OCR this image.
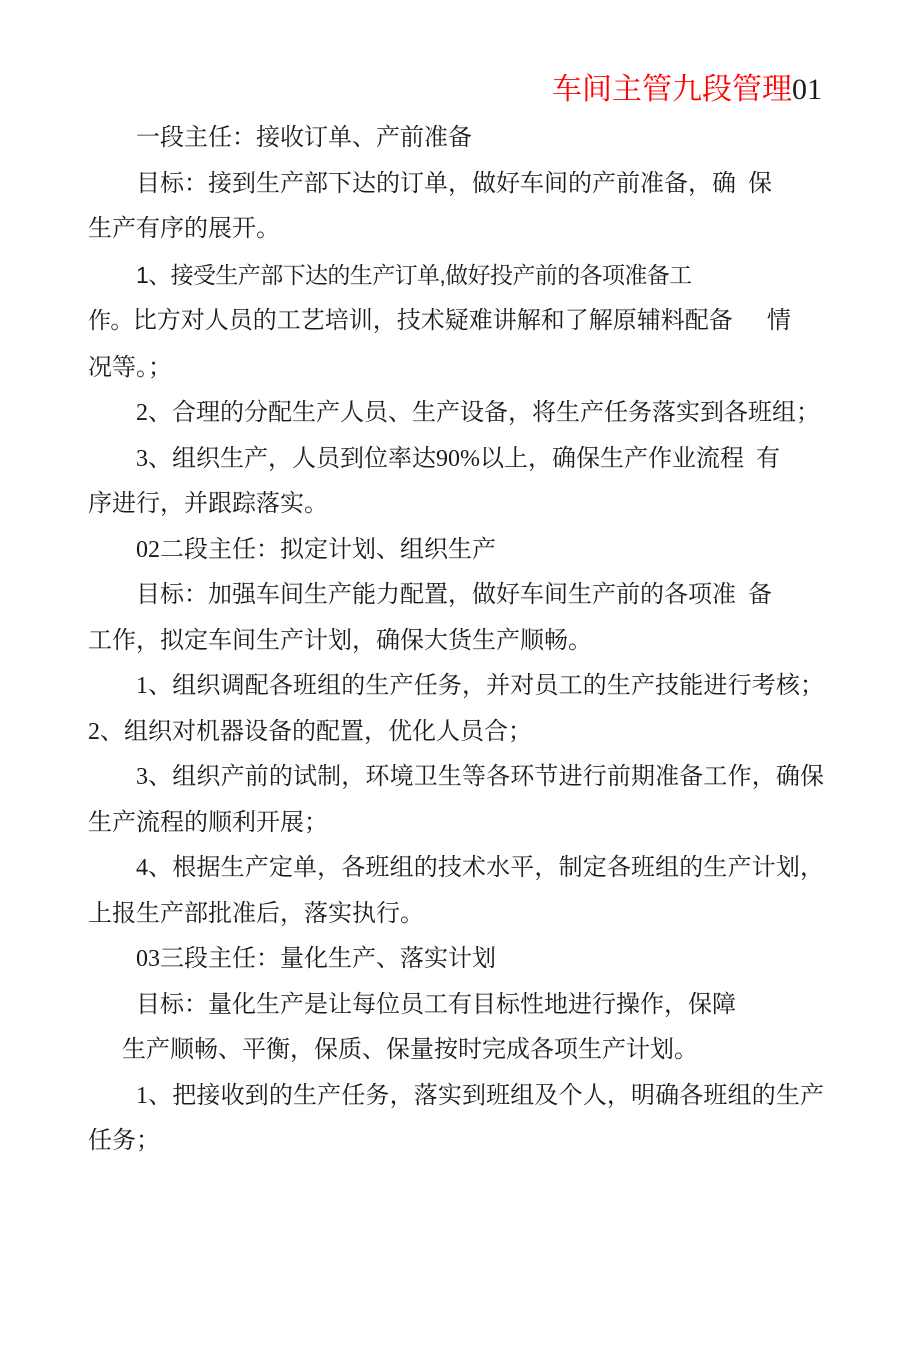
车间主管九段管理01

一段主任：接收订单、产前准备

目标：接到生产部下达的订单，做好车间的产前准备，确 保
生产有序的展开。

1、接受生产部下达的生产订单,做好投产前的各项准备工
作。比方对人员的工艺培训，技术疑难讲解和了解原辅料配备 情
况等。；

2、合理的分配生产人员、生产设备，将生产任务落实到各班组；

3、组织生产，人员到位率达90%以上，确保生产作业流程 有
序进行，并跟踪落实。

02二段主任：拟定计划、组织生产

目标：加强车间生产能力配置，做好车间生产前的各项准 备
工作，拟定车间生产计划，确保大货生产顺畅。

1、组织调配各班组的生产任务，并对员工的生产技能进行考核；2、组织对机器设备的配置，优化人员合；

3、组织产前的试制，环境卫生等各环节进行前期准备工作，确保生产流程的顺利开展；

4、根据生产定单，各班组的技术水平，制定各班组的生产计划，上报生产部批准后，落实执行。

03三段主任：量化生产、落实计划

目标：量化生产是让每位员工有目标性地进行操作，保障
生产顺畅、平衡，保质、保量按时完成各项生产计划。

1、把接收到的生产任务，落实到班组及个人，明确各班组的生产任务；
